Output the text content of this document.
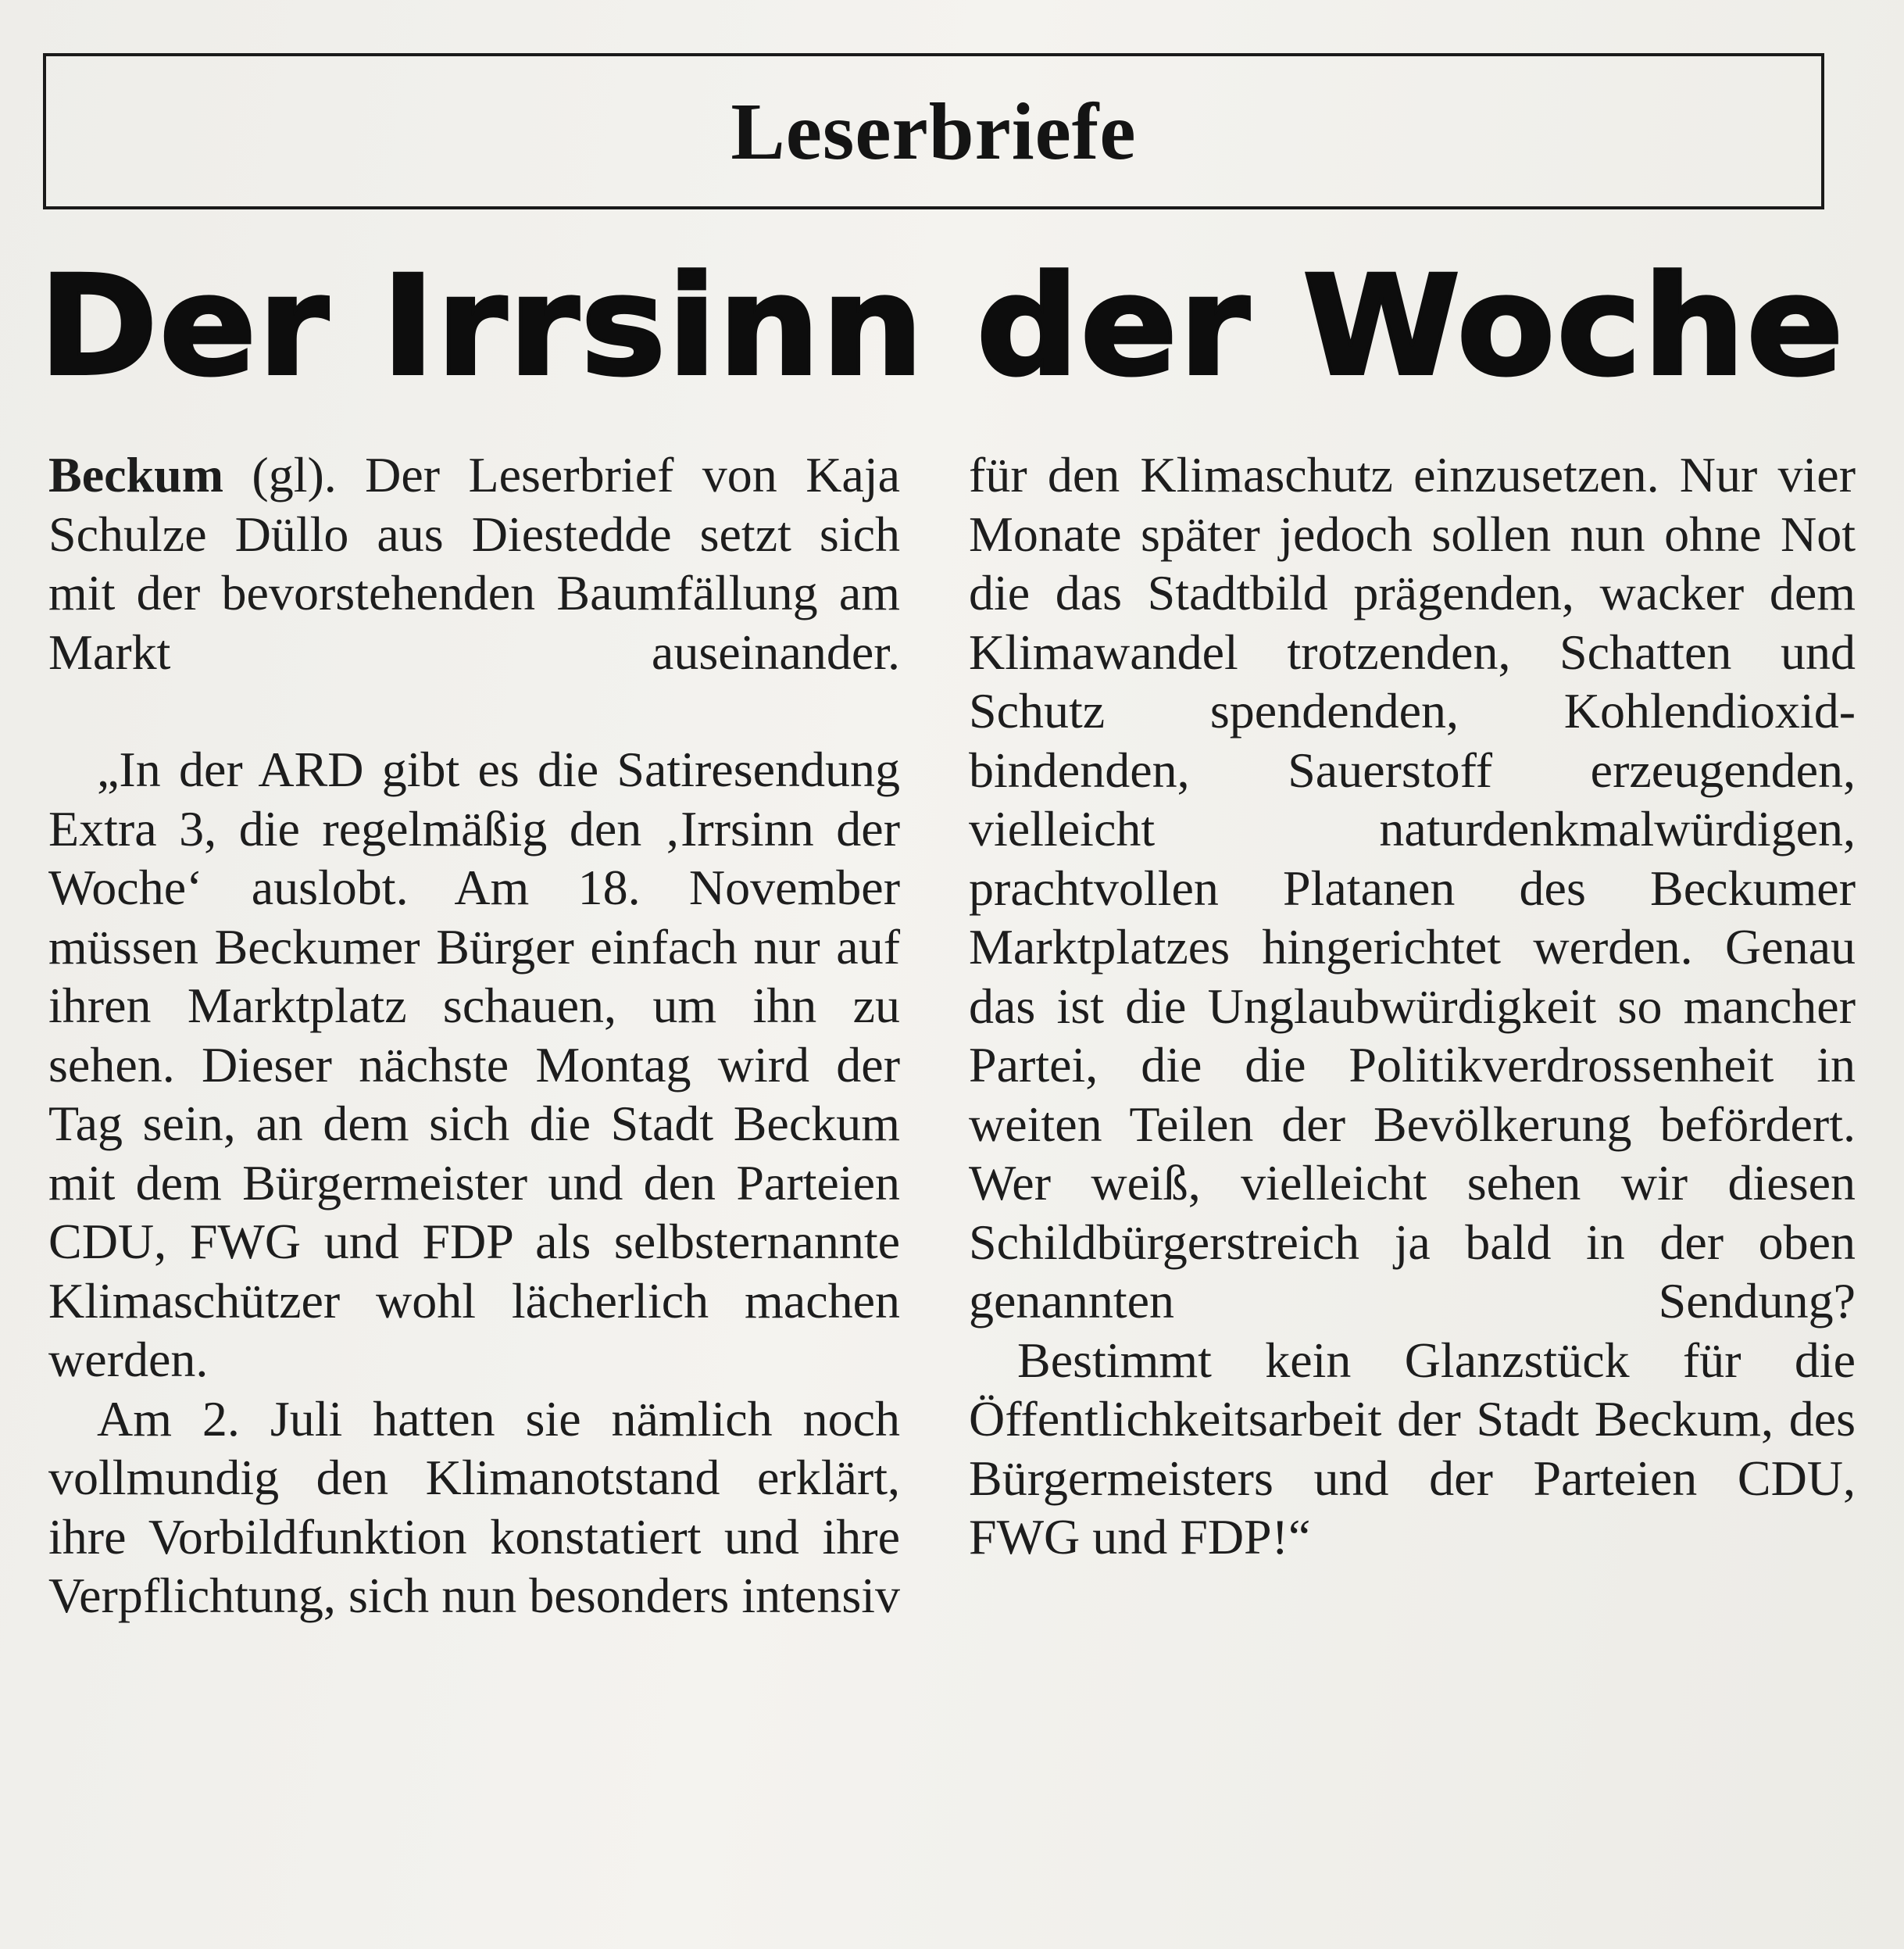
Leserbriefe
Der Irrsinn der Woche

Beckum (gl). Der Leserbrief von Kaja Schulze Düllo aus Diestedde setzt sich mit der bevorstehenden Baumfällung am Markt auseinander.

„In der ARD gibt es die Satiresendung Extra 3, die regelmäßig den ‚Irrsinn der Woche‘ auslobt. Am 18. November müssen Beckumer Bürger einfach nur auf ihren Marktplatz schauen, um ihn zu sehen. Dieser nächste Montag wird der Tag sein, an dem sich die Stadt Beckum mit dem Bürgermeister und den Parteien CDU, FWG und FDP als selbsternannte Klimaschützer wohl lächerlich machen werden.

Am 2. Juli hatten sie nämlich noch vollmundig den Klimanotstand erklärt, ihre Vorbildfunktion konstatiert und ihre Verpflichtung, sich nun besonders intensiv

für den Klimaschutz einzusetzen. Nur vier Monate später jedoch sollen nun ohne Not die das Stadtbild prägenden, wacker dem Klimawandel trotzenden, Schatten und Schutz spendenden, Kohlendioxid-bindenden, Sauerstoff erzeugenden, vielleicht naturdenkmalwürdigen, prachtvollen Platanen des Beckumer Marktplatzes hingerichtet werden. Genau das ist die Unglaubwürdigkeit so mancher Partei, die die Politikverdrossenheit in weiten Teilen der Bevölkerung befördert. Wer weiß, vielleicht sehen wir diesen Schildbürgerstreich ja bald in der oben genannten Sendung?

Bestimmt kein Glanzstück für die Öffentlichkeitsarbeit der Stadt Beckum, des Bürgermeisters und der Parteien CDU, FWG und FDP!“
